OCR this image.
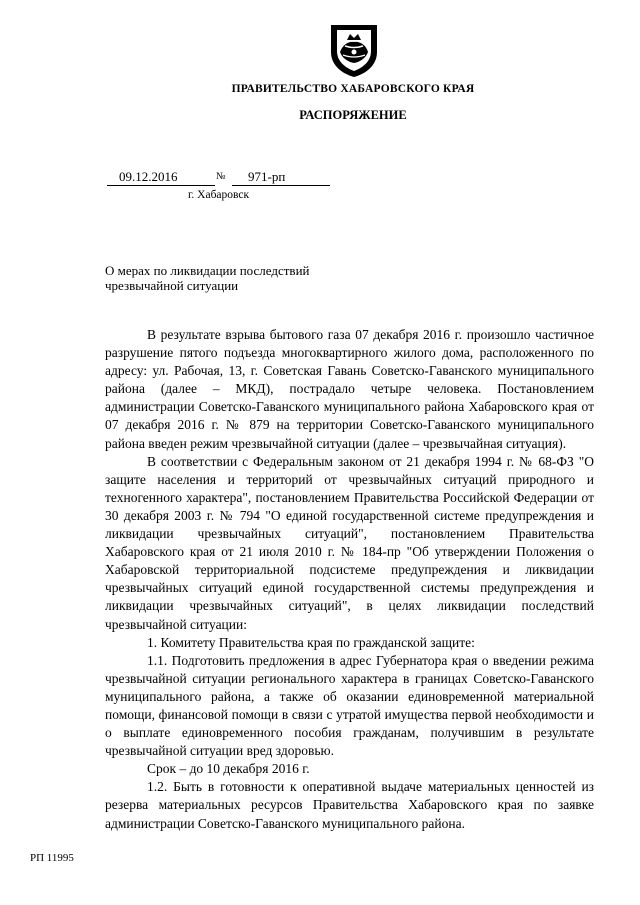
ПРАВИТЕЛЬСТВО ХАБАРОВСКОГО КРАЯ
РАСПОРЯЖЕНИЕ
09.12.2016	№ 971-рп
г. Хабаровск
О мерах по ликвидации последствий
чрезвычайной ситуации

В результате взрыва бытового газа 07 декабря 2016 г. произошло частичное разрушение пятого подъезда многоквартирного жилого дома, расположенного по адресу: ул. Рабочая, 13, г. Советская Гавань Советско-Гаванского муниципального района (далее – МКД), пострадало четыре человека. Постановлением администрации Советско-Гаванского муниципального района Хабаровского края от 07 декабря 2016 г. № 879 на территории Советско-Гаванского муниципального района введен режим чрезвычайной ситуации (далее – чрезвычайная ситуация).

В соответствии с Федеральным законом от 21 декабря 1994 г. № 68-ФЗ "О защите населения и территорий от чрезвычайных ситуаций природного и техногенного характера", постановлением Правительства Российской Федерации от 30 декабря 2003 г. № 794 "О единой государственной системе предупреждения и ликвидации чрезвычайных ситуаций", постановлением Правительства Хабаровского края от 21 июля 2010 г. № 184-пр "Об утверждении Положения о Хабаровской территориальной подсистеме предупреждения и ликвидации чрезвычайных ситуаций единой государственной системы предупреждения и ликвидации чрезвычайных ситуаций", в целях ликвидации последствий чрезвычайной ситуации:

1. Комитету Правительства края по гражданской защите:

1.1. Подготовить предложения в адрес Губернатора края о введении режима чрезвычайной ситуации регионального характера в границах Советско-Гаванского муниципального района, а также об оказании единовременной материальной помощи, финансовой помощи в связи с утратой имущества первой необходимости и о выплате единовременного пособия гражданам, получившим в результате чрезвычайной ситуации вред здоровью.

Срок – до 10 декабря 2016 г.

1.2. Быть в готовности к оперативной выдаче материальных ценностей из резерва материальных ресурсов Правительства Хабаровского края по заявке администрации Советско-Гаванского муниципального района.

РП 11995
